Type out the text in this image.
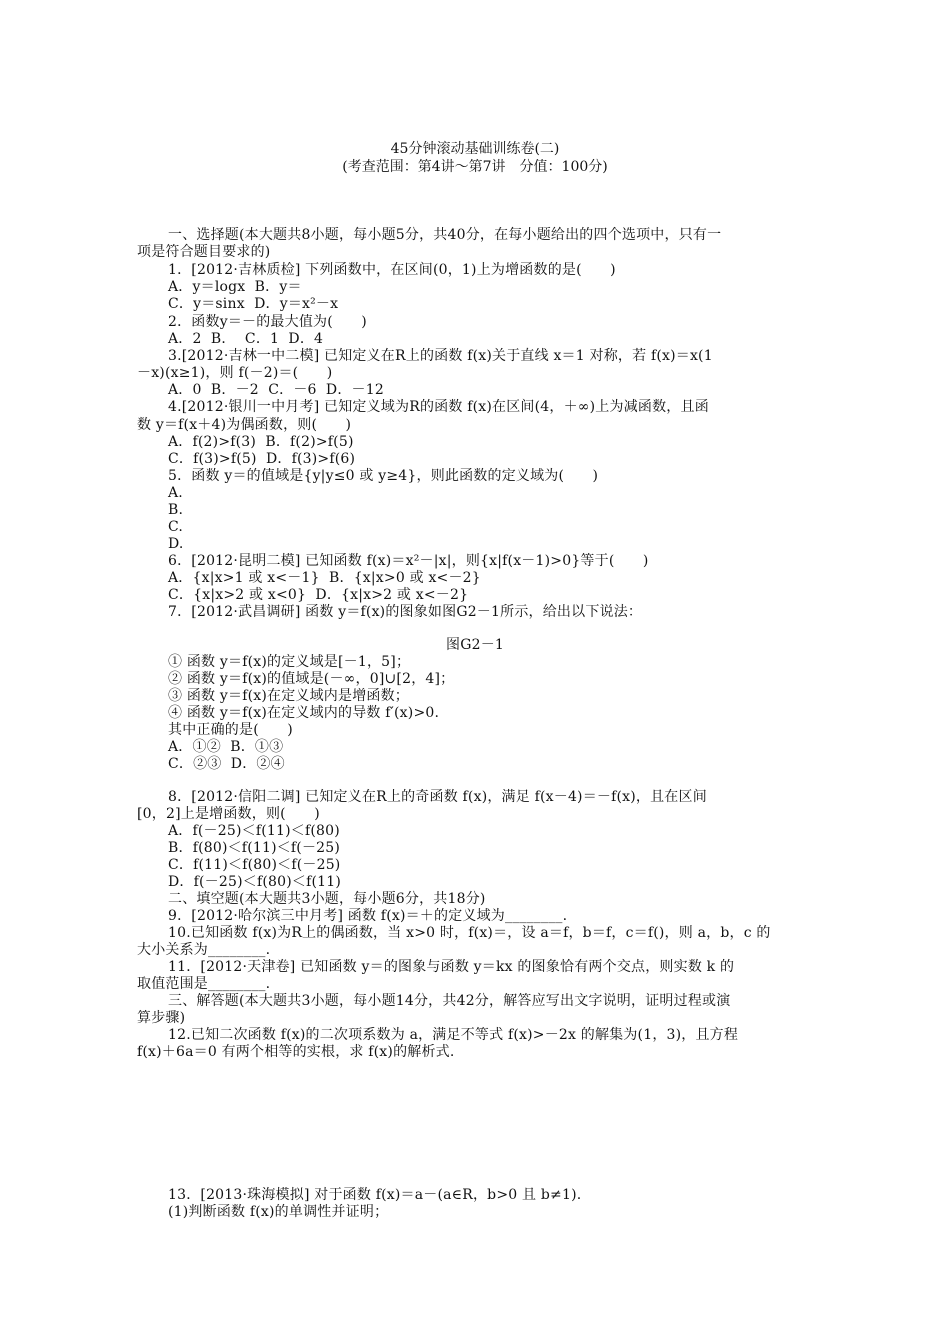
45分钟滚动基础训练卷(二)
(考查范围：第4讲～第7讲　分值：100分)
一、选择题(本大题共8小题，每小题5分，共40分，在每小题给出的四个选项中，只有一
项是符合题目要求的)
1．[2012·吉林质检] 下列函数中，在区间(0，1)上为增函数的是(　　)
A．y＝logx  B．y＝
C．y＝sinx  D．y＝x²－x
2．函数y＝－的最大值为(　　)
A．2  B．  C．1  D．4
3.[2012·吉林一中二模] 已知定义在R上的函数 f(x)关于直线 x＝1 对称，若 f(x)＝x(1
－x)(x≥1)，则 f(－2)＝(　　)
A．0  B．－2  C．－6  D．－12
4.[2012·银川一中月考] 已知定义域为R的函数 f(x)在区间(4，＋∞)上为减函数，且函
数 y＝f(x＋4)为偶函数，则(　　)
A．f(2)>f(3)  B．f(2)>f(5)
C．f(3)>f(5)  D．f(3)>f(6)
5．函数 y＝的值域是{y|y≤0 或 y≥4}，则此函数的定义域为(　　)
A.
B.
C.
D.
6．[2012·昆明二模] 已知函数 f(x)＝x²－|x|，则{x|f(x－1)>0}等于(　　)
A．{x|x>1 或 x<－1}  B．{x|x>0 或 x<－2}
C．{x|x>2 或 x<0}  D．{x|x>2 或 x<－2}
7．[2012·武昌调研] 函数 y＝f(x)的图象如图G2－1所示，给出以下说法：
图G2－1
① 函数 y＝f(x)的定义域是[－1，5]；
② 函数 y＝f(x)的值域是(－∞，0]∪[2，4]；
③ 函数 y＝f(x)在定义域内是增函数；
④ 函数 y＝f(x)在定义域内的导数 f′(x)>0.
其中正确的是(　　)
A．①②  B．①③
C．②③  D．②④
8．[2012·信阳二调] 已知定义在R上的奇函数 f(x)，满足 f(x－4)＝－f(x)，且在区间
[0，2]上是增函数，则(　　)
A．f(－25)＜f(11)＜f(80)
B．f(80)＜f(11)＜f(－25)
C．f(11)＜f(80)＜f(－25)
D．f(－25)＜f(80)＜f(11)
二、填空题(本大题共3小题，每小题6分，共18分)
9．[2012·哈尔滨三中月考] 函数 f(x)＝＋的定义域为________.
10.已知函数 f(x)为R上的偶函数，当 x>0 时，f(x)＝，设 a＝f，b＝f，c＝f()，则 a，b，c 的
大小关系为________.
11．[2012·天津卷] 已知函数 y＝的图象与函数 y＝kx 的图象恰有两个交点，则实数 k 的
取值范围是________.
三、解答题(本大题共3小题，每小题14分，共42分，解答应写出文字说明，证明过程或演
算步骤)
12.已知二次函数 f(x)的二次项系数为 a，满足不等式 f(x)>－2x 的解集为(1，3)，且方程
f(x)＋6a＝0 有两个相等的实根，求 f(x)的解析式.
13．[2013·珠海模拟] 对于函数 f(x)＝a－(a∈R，b>0 且 b≠1).
(1)判断函数 f(x)的单调性并证明；
